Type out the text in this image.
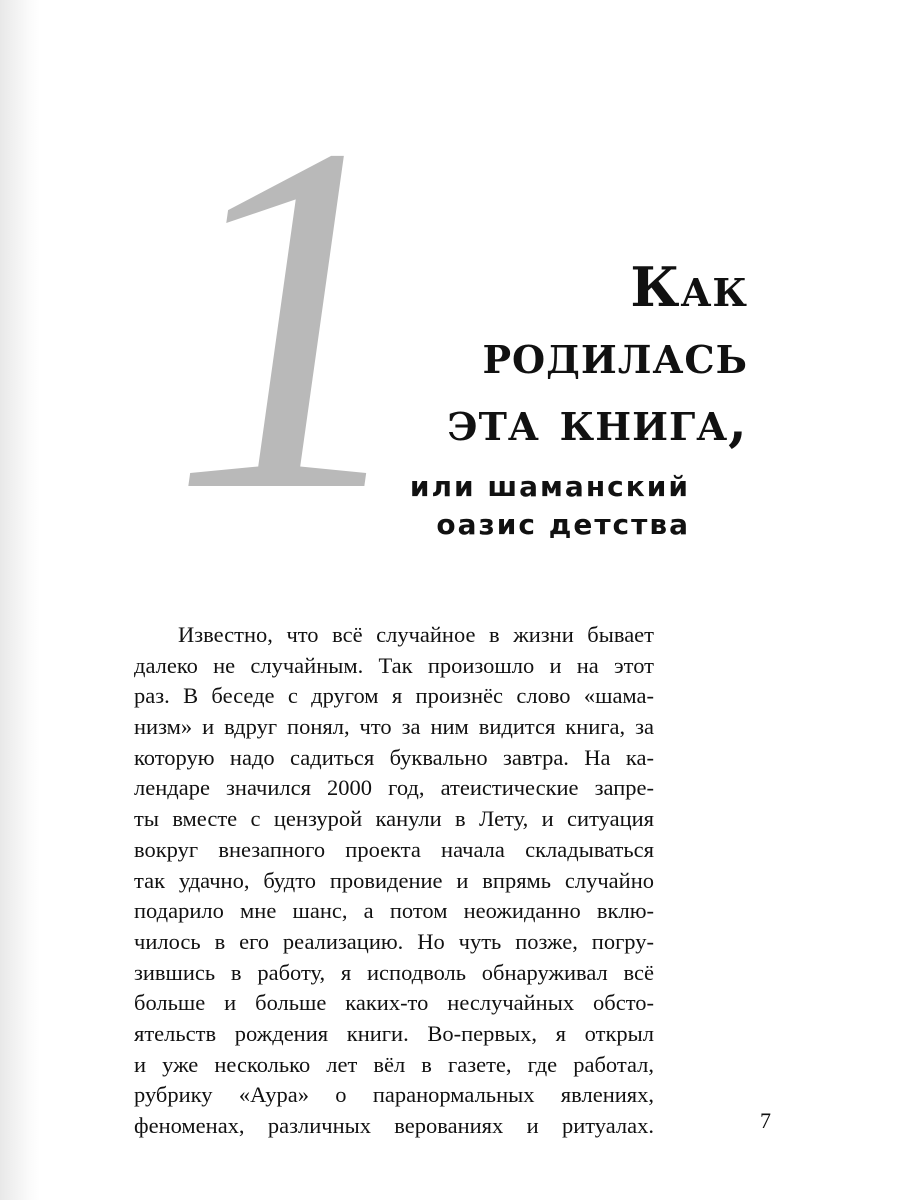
1	Как
родилась
эта книга,
или шаманский
оазис детства
Известно, что всё случайное в жизни бывает
далеко не случайным. Так произошло и на этот
раз. В беседе с другом я произнёс слово «шама-
низм» и вдруг понял, что за ним видится книга, за
которую надо садиться буквально завтра. На ка-
лендаре значился 2000 год, атеистические запре-
ты вместе с цензурой канули в Лету, и ситуация
вокруг внезапного проекта начала складываться
так удачно, будто провидение и впрямь случайно
подарило мне шанс, а потом неожиданно вклю-
чилось в его реализацию. Но чуть позже, погру-
зившись в работу, я исподволь обнаруживал всё
больше и больше каких-то неслучайных обсто-
ятельств рождения книги. Во-первых, я открыл
и уже несколько лет вёл в газете, где работал,
рубрику «Аура» о паранормальных явлениях,
феноменах, различных верованиях и ритуалах.	7
